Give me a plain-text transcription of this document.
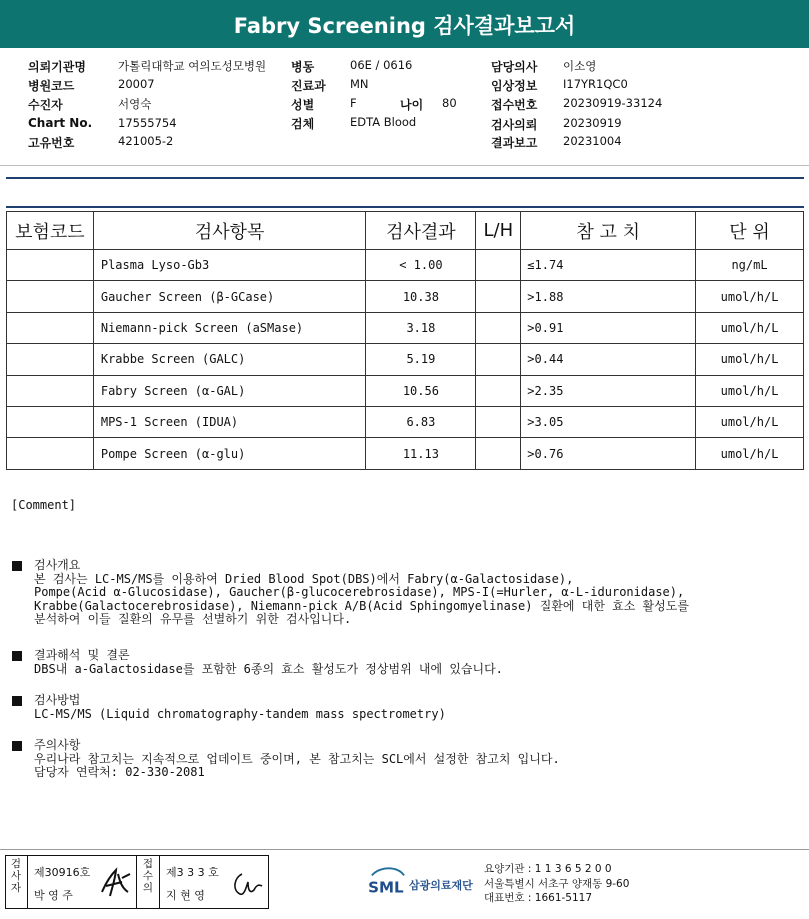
Fabry Screening 검사결과보고서
의뢰기관명	가톨릭대학교 여의도성모병원
병원코드	20007
수진자	서영숙
Chart No. 17555754
고유번호	421005-2
병동	06E / 0616
진료과 MN
성별	F	나이 80
검체	EDTA Blood
담당의사 이소영
임상정보 I17YR1QC0
접수번호 20230919-33124
검사의뢰 20230919
결과보고 20231004
보험코드	검사항목	검사결과	L/H	참 고 치	단 위
	Plasma Lyso-Gb3	< 1.00		≤1.74	ng/mL
	Gaucher Screen (β-GCase)	10.38		>1.88	umol/h/L
	Niemann-pick Screen (aSMase)	3.18		>0.91	umol/h/L
	Krabbe Screen (GALC)	5.19		>0.44	umol/h/L
	Fabry Screen (α-GAL)	10.56		>2.35	umol/h/L
	MPS-1 Screen (IDUA)	6.83		>3.05	umol/h/L
	Pompe Screen (α-glu)	11.13		>0.76	umol/h/L
[Comment]
검사개요
본 검사는 LC-MS/MS를 이용하여 Dried Blood Spot(DBS)에서 Fabry(α-Galactosidase),
Pompe(Acid α-Glucosidase), Gaucher(β-glucocerebrosidase), MPS-I(=Hurler, α-L-iduronidase),
Krabbe(Galactocerebrosidase), Niemann-pick A/B(Acid Sphingomyelinase) 질환에 대한 효소 활성도를
분석하여 이들 질환의 유무를 선별하기 위한 검사입니다.
결과해석 및 결론
DBS내 a-Galactosidase를 포함한 6종의 효소 활성도가 정상범위 내에 있습니다.
검사방법
LC-MS/MS (Liquid chromatography-tandem mass spectrometry)
주의사항
우리나라 참고치는 지속적으로 업데이트 중이며, 본 참고치는 SCL에서 설정한 참고치 입니다.
담당자 연락처: 02-330-2081
검
사
자
제30916호
박 영 주
접
수
의
제3 3 3 호
지 현 영	SML 삼광의료재단
요양기관 : 1 1 3 6 5 2 0 0
서울특별시 서초구 양재동 9-60
대표번호 : 1661-5117
